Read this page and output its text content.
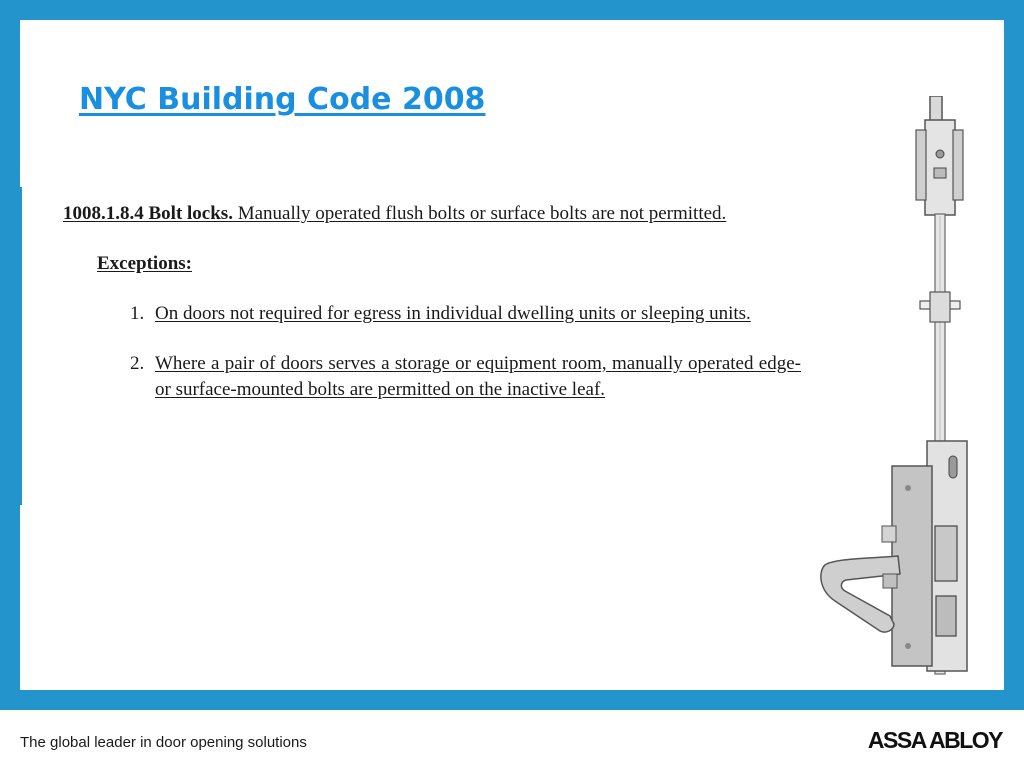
NYC Building Code 2008

1008.1.8.4 Bolt locks. Manually operated flush bolts or surface bolts are not permitted.

Exceptions:

1. On doors not required for egress in individual dwelling units or sleeping units.
2. Where a pair of doors serves a storage or equipment room, manually operated edge- or surface-mounted bolts are permitted on the inactive leaf.

The global leader in door opening solutions	ASSA ABLOY
